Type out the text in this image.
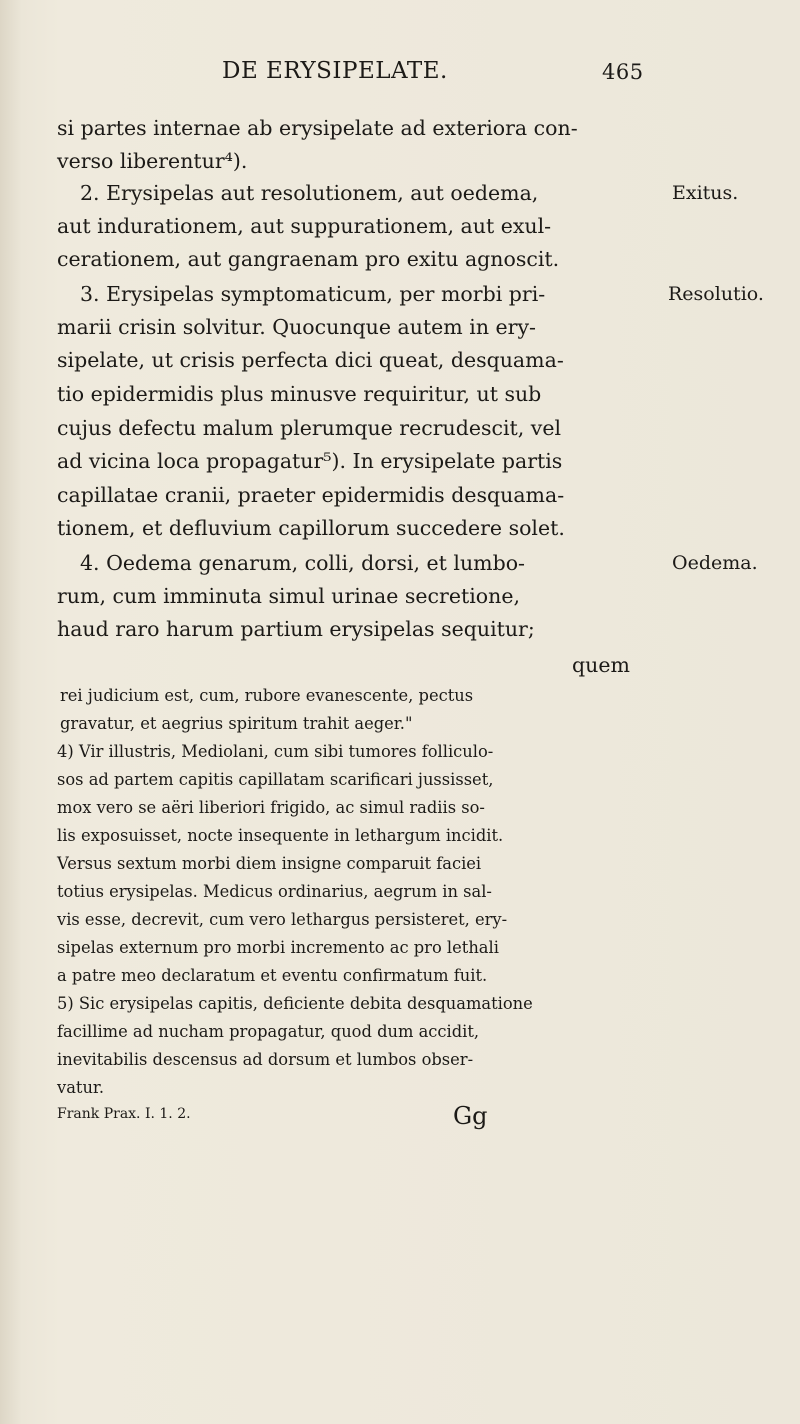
DE ERYSIPELATE.	465
si partes internae ab erysipelate ad exteriora con-
verso liberentur⁴).
2. Erysipelas aut resolutionem, aut oedema,
aut indurationem, aut suppurationem, aut exul-
cerationem, aut gangraenam pro exitu agnoscit.
3. Erysipelas symptomaticum, per morbi pri-
marii crisin solvitur. Quocunque autem in ery-
sipelate, ut crisis perfecta dici queat, desquama-
tio epidermidis plus minusve requiritur, ut sub
cujus defectu malum plerumque recrudescit, vel
ad vicina loca propagatur⁵). In erysipelate partis
capillatae cranii, praeter epidermidis desquama-
tionem, et defluvium capillorum succedere solet.
4. Oedema genarum, colli, dorsi, et lumbo-
rum, cum imminuta simul urinae secretione,
haud raro harum partium erysipelas sequitur;
quem
Exitus.
Resolutio.
Oedema.
rei judicium est, cum, rubore evanescente, pectus
gravatur, et aegrius spiritum trahit aeger."
4) Vir illustris, Mediolani, cum sibi tumores folliculo-
sos ad partem capitis capillatam scarificari jussisset,
mox vero se aëri liberiori frigido, ac simul radiis so-
lis exposuisset, nocte insequente in lethargum incidit.
Versus sextum morbi diem insigne comparuit faciei
totius erysipelas. Medicus ordinarius, aegrum in sal-
vis esse, decrevit, cum vero lethargus persisteret, ery-
sipelas externum pro morbi incremento ac pro lethali
a patre meo declaratum et eventu confirmatum fuit.
5) Sic erysipelas capitis, deficiente debita desquamatione
facillime ad nucham propagatur, quod dum accidit,
inevitabilis descensus ad dorsum et lumbos obser-
vatur.
Frank Prax. I. 1. 2.	Gg
